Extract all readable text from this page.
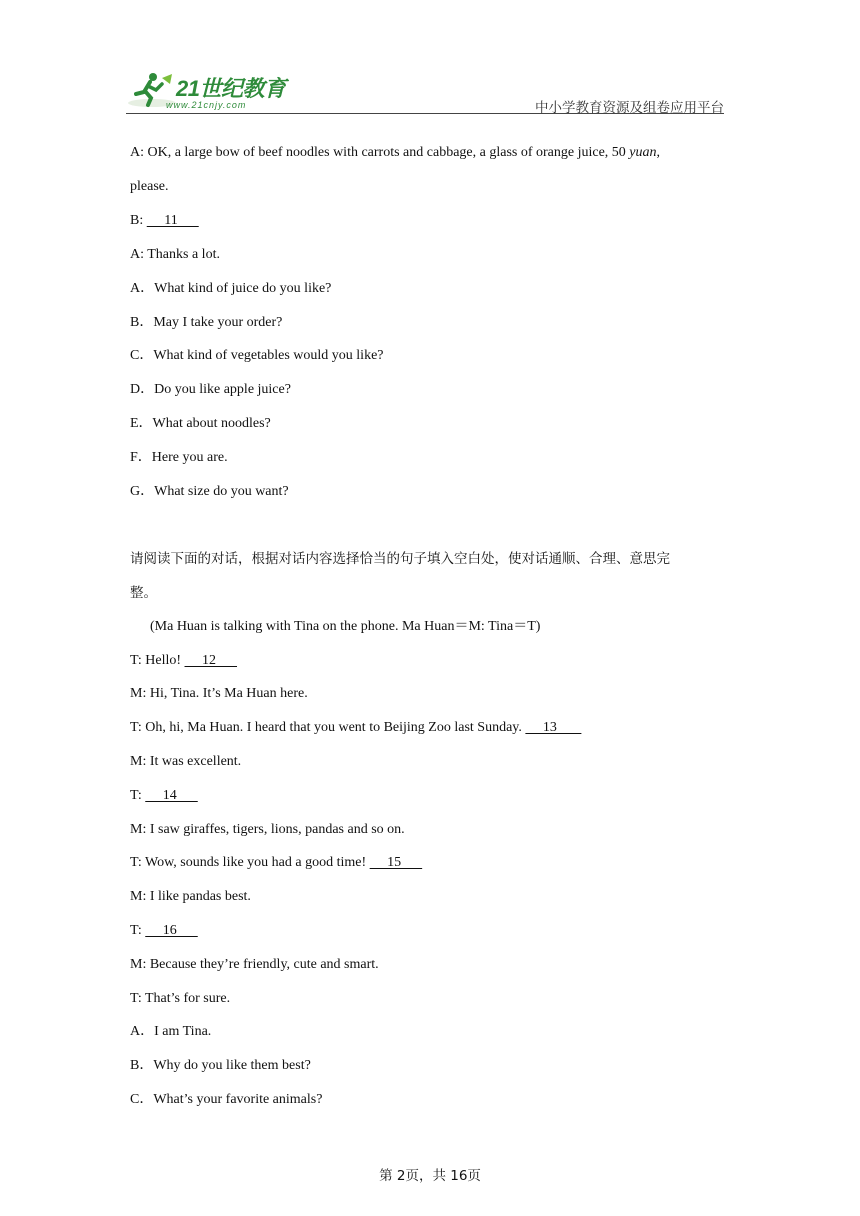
21世纪教育
www.21cnjy.com	中小学教育资源及组卷应用平台
A: OK, a large bow of beef noodles with carrots and cabbage, a glass of orange juice, 50 yuan,
please.
B:      11
A: Thanks a lot.
A．What kind of juice do you like?
B．May I take your order?
C．What kind of vegetables would you like?
D．Do you like apple juice?
E．What about noodles?
F．Here you are.
G．What size do you want?
请阅读下面的对话，根据对话内容选择恰当的句子填入空白处，使对话通顺、合理、意思完
整。
(Ma Huan is talking with Tina on the phone. Ma Huan＝M: Tina＝T)
T: Hello!      12
M: Hi, Tina. It’s Ma Huan here.
T: Oh, hi, Ma Huan. I heard that you went to Beijing Zoo last Sunday.      13
M: It was excellent.
T:      14
M: I saw giraffes, tigers, lions, pandas and so on.
T: Wow, sounds like you had a good time!      15
M: I like pandas best.
T:      16
M: Because they’re friendly, cute and smart.
T: That’s for sure.
A．I am Tina.
B．Why do you like them best?
C．What’s your favorite animals?
第 2页，共 16页
